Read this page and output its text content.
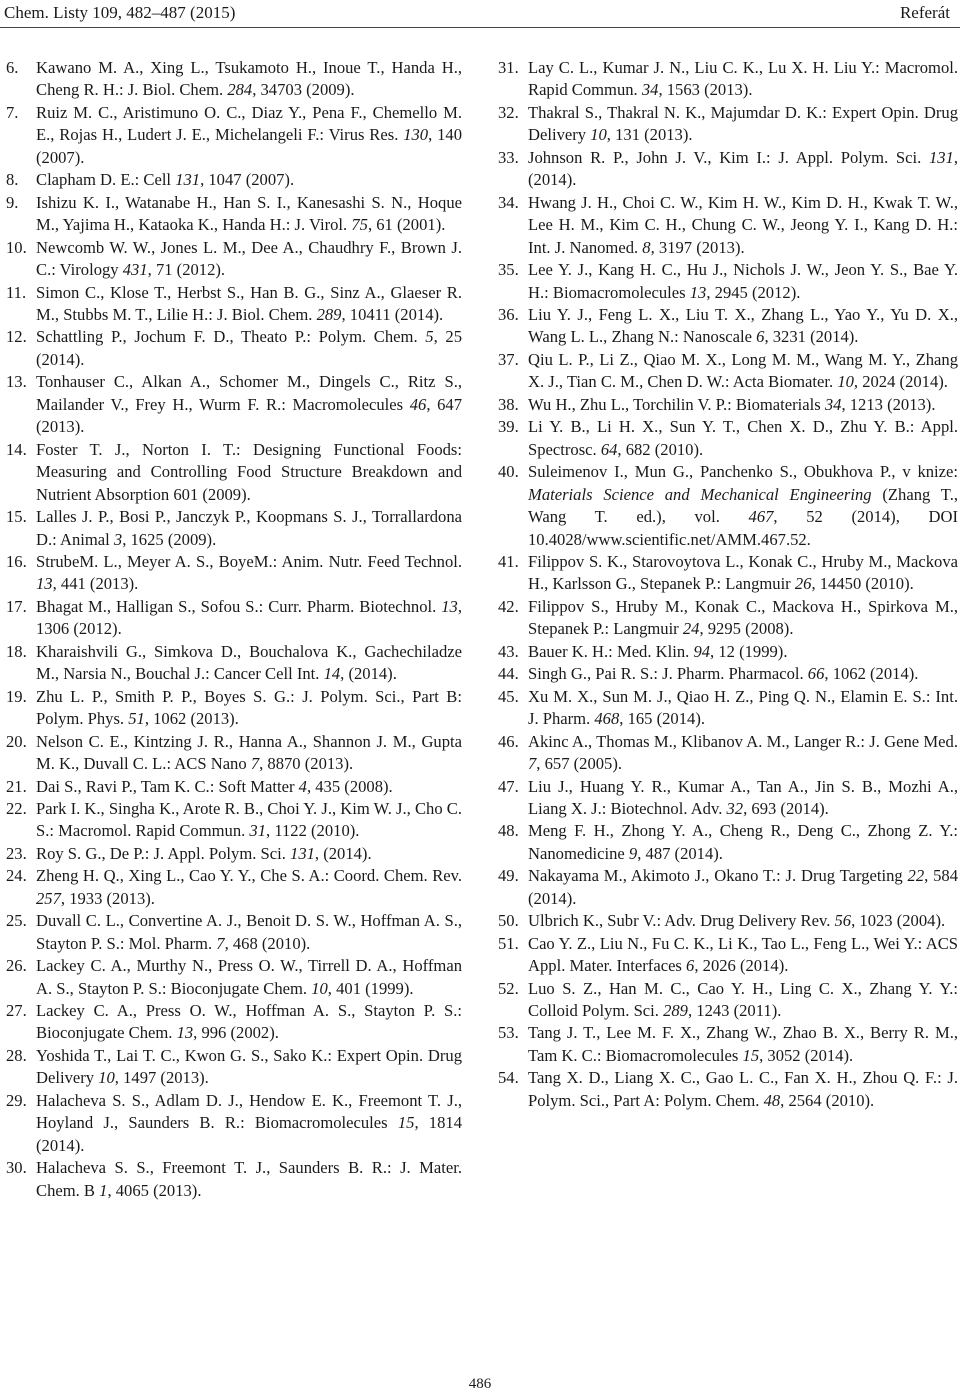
Chem. Listy 109, 482–487 (2015)	Referát
6.	Kawano M. A., Xing L., Tsukamoto H., Inoue T., Handa H., Cheng R. H.: J. Biol. Chem. 284, 34703 (2009).
7.	Ruiz M. C., Aristimuno O. C., Diaz Y., Pena F., Chemello M. E., Rojas H., Ludert J. E., Michelangeli F.: Virus Res. 130, 140 (2007).
8.	Clapham D. E.: Cell 131, 1047 (2007).
9.	Ishizu K. I., Watanabe H., Han S. I., Kanesashi S. N., Hoque M., Yajima H., Kataoka K., Handa H.: J. Virol. 75, 61 (2001).
10. Newcomb W. W., Jones L. M., Dee A., Chaudhry F., Brown J. C.: Virology 431, 71 (2012).
11. Simon C., Klose T., Herbst S., Han B. G., Sinz A., Glaeser R. M., Stubbs M. T., Lilie H.: J. Biol. Chem. 289, 10411 (2014).
12. Schattling P., Jochum F. D., Theato P.: Polym. Chem. 5, 25 (2014).
13. Tonhauser C., Alkan A., Schomer M., Dingels C., Ritz S., Mailander V., Frey H., Wurm F. R.: Macromolecules 46, 647 (2013).
14. Foster T. J., Norton I. T.: Designing Functional Foods: Measuring and Controlling Food Structure Breakdown and Nutrient Absorption 601 (2009).
15. Lalles J. P., Bosi P., Janczyk P., Koopmans S. J., Torrallardona D.: Animal 3, 1625 (2009).
16. StrubeM. L., Meyer A. S., BoyeM.: Anim. Nutr. Feed Technol. 13, 441 (2013).
17. Bhagat M., Halligan S., Sofou S.: Curr. Pharm. Biotechnol. 13, 1306 (2012).
18. Kharaishvili G., Simkova D., Bouchalova K., Gachechiladze M., Narsia N., Bouchal J.: Cancer Cell Int. 14, (2014).
19. Zhu L. P., Smith P. P., Boyes S. G.: J. Polym. Sci., Part B: Polym. Phys. 51, 1062 (2013).
20. Nelson C. E., Kintzing J. R., Hanna A., Shannon J. M., Gupta M. K., Duvall C. L.: ACS Nano 7, 8870 (2013).
21. Dai S., Ravi P., Tam K. C.: Soft Matter 4, 435 (2008).
22. Park I. K., Singha K., Arote R. B., Choi Y. J., Kim W. J., Cho C. S.: Macromol. Rapid Commun. 31, 1122 (2010).
23. Roy S. G., De P.: J. Appl. Polym. Sci. 131, (2014).
24. Zheng H. Q., Xing L., Cao Y. Y., Che S. A.: Coord. Chem. Rev. 257, 1933 (2013).
25. Duvall C. L., Convertine A. J., Benoit D. S. W., Hoffman A. S., Stayton P. S.: Mol. Pharm. 7, 468 (2010).
26. Lackey C. A., Murthy N., Press O. W., Tirrell D. A., Hoffman A. S., Stayton P. S.: Bioconjugate Chem. 10, 401 (1999).
27. Lackey C. A., Press O. W., Hoffman A. S., Stayton P. S.: Bioconjugate Chem. 13, 996 (2002).
28. Yoshida T., Lai T. C., Kwon G. S., Sako K.: Expert Opin. Drug Delivery 10, 1497 (2013).
29. Halacheva S. S., Adlam D. J., Hendow E. K., Freemont T. J., Hoyland J., Saunders B. R.: Biomacromolecules 15, 1814 (2014).
30. Halacheva S. S., Freemont T. J., Saunders B. R.: J. Mater. Chem. B 1, 4065 (2013).
31. Lay C. L., Kumar J. N., Liu C. K., Lu X. H. Liu Y.: Macromol. Rapid Commun. 34, 1563 (2013).
32. Thakral S., Thakral N. K., Majumdar D. K.: Expert Opin. Drug Delivery 10, 131 (2013).
33. Johnson R. P., John J. V., Kim I.: J. Appl. Polym. Sci. 131, (2014).
34. Hwang J. H., Choi C. W., Kim H. W., Kim D. H., Kwak T. W., Lee H. M., Kim C. H., Chung C. W., Jeong Y. I., Kang D. H.: Int. J. Nanomed. 8, 3197 (2013).
35. Lee Y. J., Kang H. C., Hu J., Nichols J. W., Jeon Y. S., Bae Y. H.: Biomacromolecules 13, 2945 (2012).
36. Liu Y. J., Feng L. X., Liu T. X., Zhang L., Yao Y., Yu D. X., Wang L. L., Zhang N.: Nanoscale 6, 3231 (2014).
37. Qiu L. P., Li Z., Qiao M. X., Long M. M., Wang M. Y., Zhang X. J., Tian C. M., Chen D. W.: Acta Biomater. 10, 2024 (2014).
38. Wu H., Zhu L., Torchilin V. P.: Biomaterials 34, 1213 (2013).
39. Li Y. B., Li H. X., Sun Y. T., Chen X. D., Zhu Y. B.: Appl. Spectrosc. 64, 682 (2010).
40. Suleimenov I., Mun G., Panchenko S., Obukhova P., v knize: Materials Science and Mechanical Engineering (Zhang T., Wang T. ed.), vol. 467, 52 (2014), DOI 10.4028/www.scientific.net/AMM.467.52.
41. Filippov S. K., Starovoytova L., Konak C., Hruby M., Mackova H., Karlsson G., Stepanek P.: Langmuir 26, 14450 (2010).
42. Filippov S., Hruby M., Konak C., Mackova H., Spirkova M., Stepanek P.: Langmuir 24, 9295 (2008).
43. Bauer K. H.: Med. Klin. 94, 12 (1999).
44. Singh G., Pai R. S.: J. Pharm. Pharmacol. 66, 1062 (2014).
45. Xu M. X., Sun M. J., Qiao H. Z., Ping Q. N., Elamin E. S.: Int. J. Pharm. 468, 165 (2014).
46. Akinc A., Thomas M., Klibanov A. M., Langer R.: J. Gene Med. 7, 657 (2005).
47. Liu J., Huang Y. R., Kumar A., Tan A., Jin S. B., Mozhi A., Liang X. J.: Biotechnol. Adv. 32, 693 (2014).
48. Meng F. H., Zhong Y. A., Cheng R., Deng C., Zhong Z. Y.: Nanomedicine 9, 487 (2014).
49. Nakayama M., Akimoto J., Okano T.: J. Drug Targeting 22, 584 (2014).
50. Ulbrich K., Subr V.: Adv. Drug Delivery Rev. 56, 1023 (2004).
51. Cao Y. Z., Liu N., Fu C. K., Li K., Tao L., Feng L., Wei Y.: ACS Appl. Mater. Interfaces 6, 2026 (2014).
52. Luo S. Z., Han M. C., Cao Y. H., Ling C. X., Zhang Y. Y.: Colloid Polym. Sci. 289, 1243 (2011).
53. Tang J. T., Lee M. F. X., Zhang W., Zhao B. X., Berry R. M., Tam K. C.: Biomacromolecules 15, 3052 (2014).
54. Tang X. D., Liang X. C., Gao L. C., Fan X. H., Zhou Q. F.: J. Polym. Sci., Part A: Polym. Chem. 48, 2564 (2010).
486
